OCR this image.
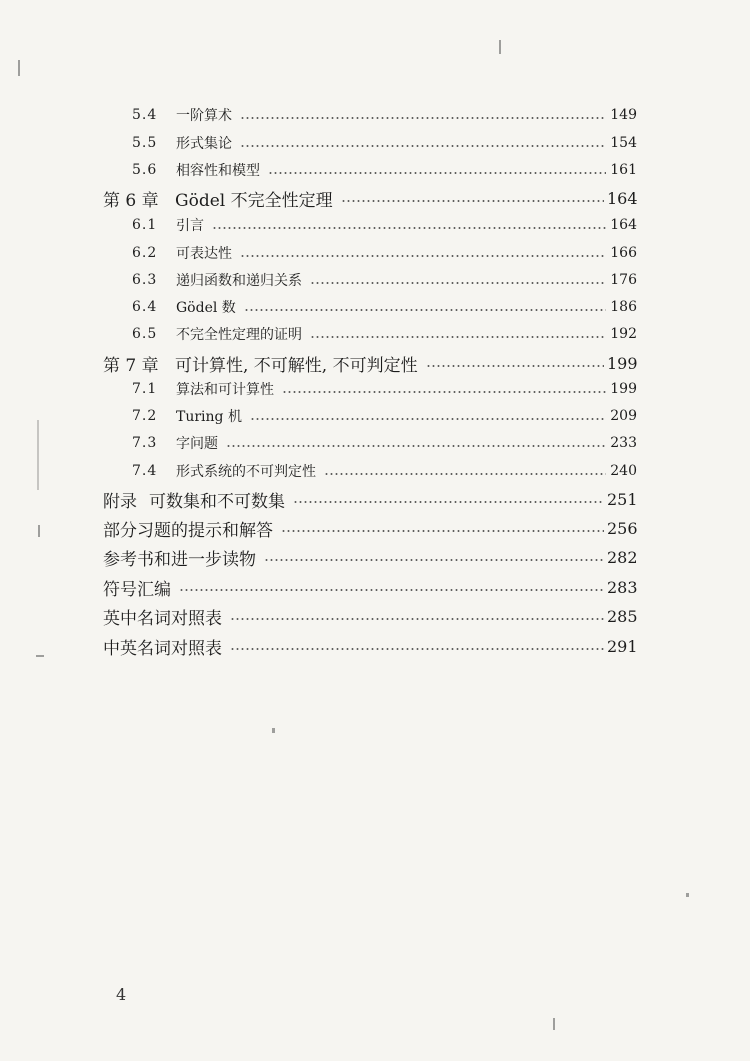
5.4	一阶算术	149
5.5	形式集论	154
5.6	相容性和模型	161
第 6 章 Gödel 不完全性定理	164
6.1	引言	164
6.2	可表达性	166
6.3	递归函数和递归关系	176
6.4	Gödel 数	186
6.5	不完全性定理的证明	192
第 7 章 可计算性, 不可解性, 不可判定性	199
7.1	算法和可计算性	199
7.2	Turing 机	209
7.3	字问题	233
7.4	形式系统的不可判定性	240
附录 可数集和不可数集	251
部分习题的提示和解答	256
参考书和进一步读物	282
符号汇编	283
英中名词对照表	285
中英名词对照表	291
4
